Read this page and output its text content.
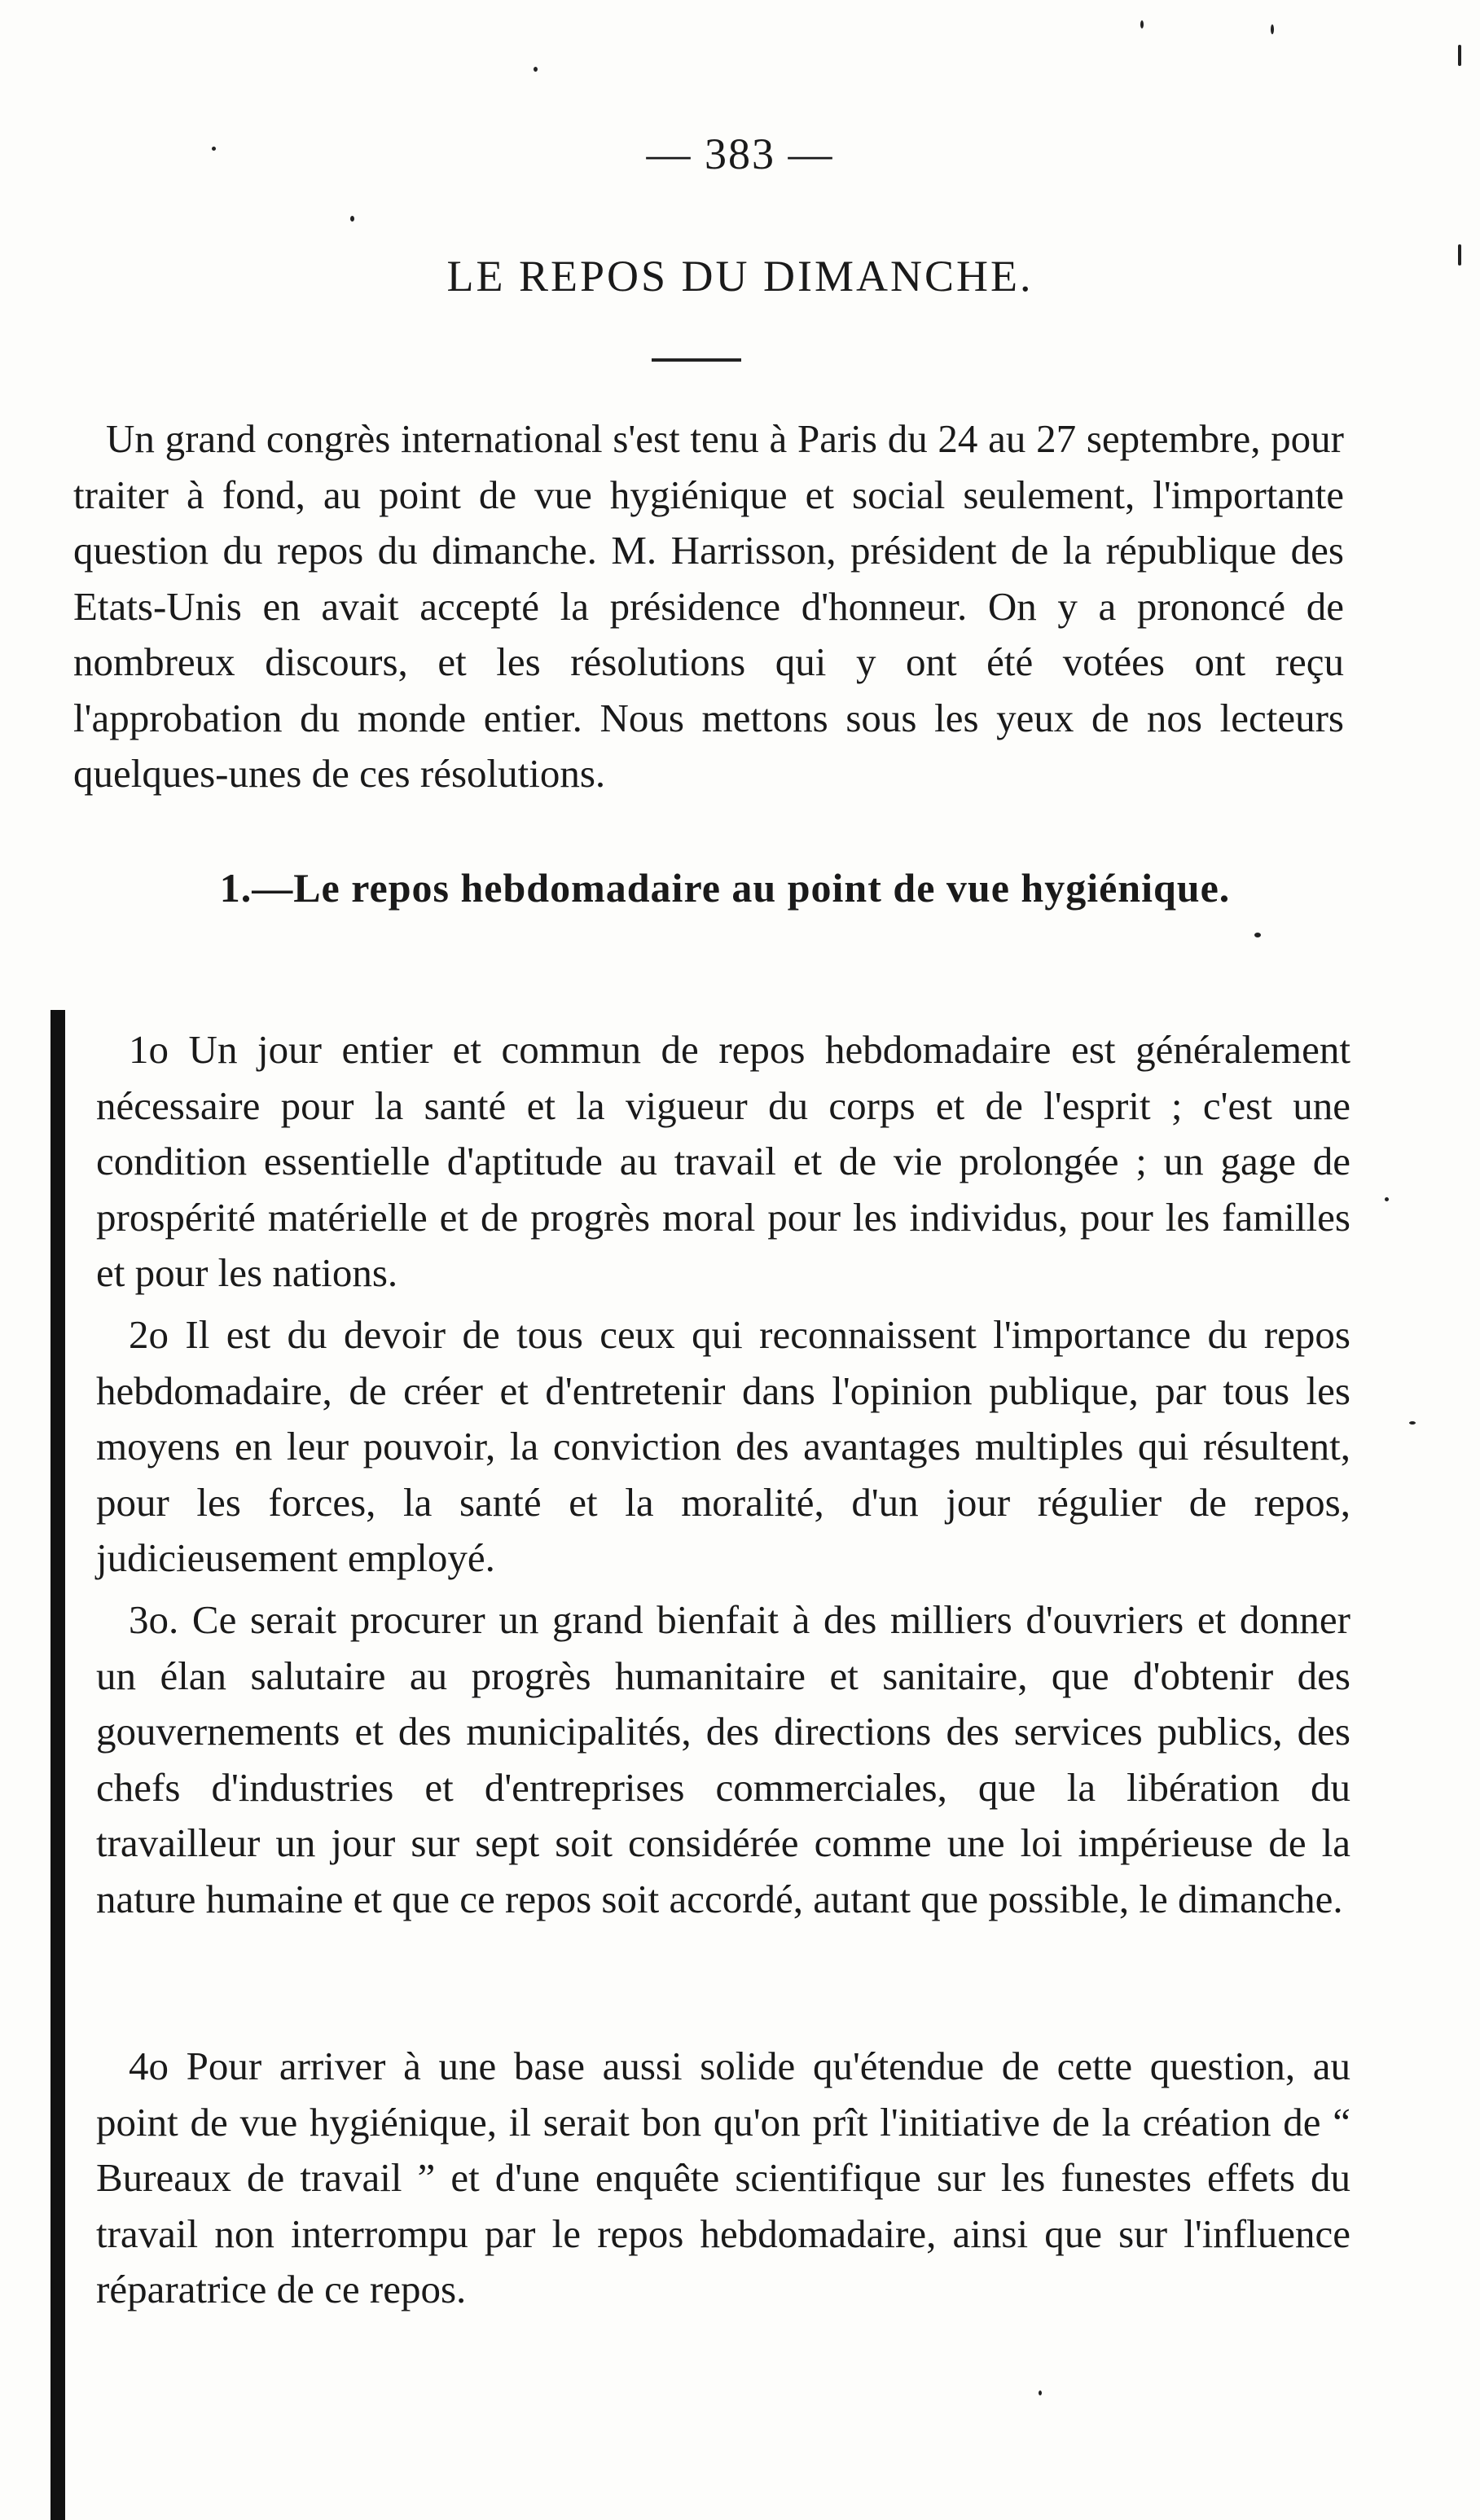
— 383 —
LE REPOS DU DIMANCHE.

Un grand congrès international s'est tenu à Paris du 24 au 27 septembre, pour traiter à fond, au point de vue hygiénique et social seulement, l'importante question du repos du dimanche. M. Harrisson, président de la république des Etats-Unis en avait accepté la présidence d'honneur. On y a prononcé de nombreux discours, et les résolutions qui y ont été votées ont reçu l'approbation du monde entier. Nous mettons sous les yeux de nos lecteurs quelques-unes de ces résolutions.

1.—Le repos hebdomadaire au point de vue hygiénique.

1o Un jour entier et commun de repos hebdomadaire est généralement nécessaire pour la santé et la vigueur du corps et de l'esprit ; c'est une condition essentielle d'aptitude au travail et de vie prolongée ; un gage de prospérité matérielle et de progrès moral pour les individus, pour les familles et pour les nations.

2o Il est du devoir de tous ceux qui reconnaissent l'importance du repos hebdomadaire, de créer et d'entretenir dans l'opinion publique, par tous les moyens en leur pouvoir, la conviction des avantages multiples qui résultent, pour les forces, la santé et la moralité, d'un jour régulier de repos, judicieusement employé.

3o. Ce serait procurer un grand bienfait à des milliers d'ouvriers et donner un élan salutaire au progrès humanitaire et sanitaire, que d'obtenir des gouvernements et des municipalités, des directions des services publics, des chefs d'industries et d'entreprises commerciales, que la libération du travailleur un jour sur sept soit considérée comme une loi impérieuse de la nature humaine et que ce repos soit accordé, autant que possible, le dimanche.

4o Pour arriver à une base aussi solide qu'étendue de cette question, au point de vue hygiénique, il serait bon qu'on prît l'initiative de la création de “ Bureaux de travail ” et d'une enquête scientifique sur les funestes effets du travail non interrompu par le repos hebdomadaire, ainsi que sur l'influence réparatrice de ce repos.
